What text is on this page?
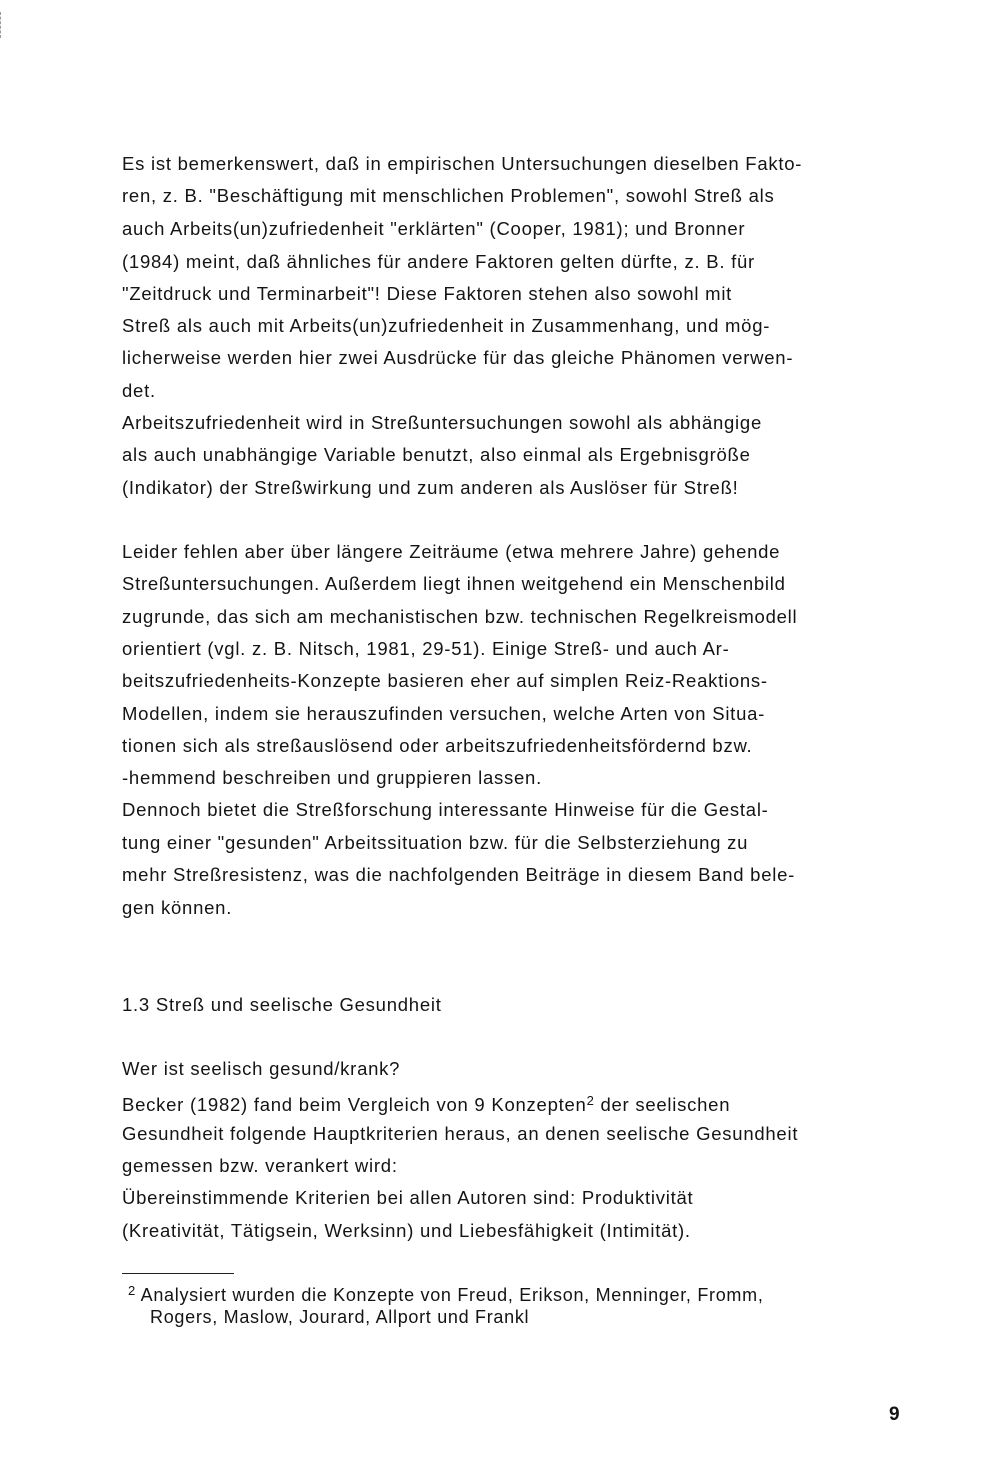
Es ist bemerkenswert, daß in empirischen Untersuchungen dieselben Fakto-
ren, z. B. "Beschäftigung mit menschlichen Problemen", sowohl Streß als
auch Arbeits(un)zufriedenheit "erklärten" (Cooper, 1981); und Bronner
(1984) meint, daß ähnliches für andere Faktoren gelten dürfte, z. B. für
"Zeitdruck und Terminarbeit"! Diese Faktoren stehen also sowohl mit
Streß als auch mit Arbeits(un)zufriedenheit in Zusammenhang, und mög-
licherweise werden hier zwei Ausdrücke für das gleiche Phänomen verwen-
det.
Arbeitszufriedenheit wird in Streßuntersuchungen sowohl als abhängige
als auch unabhängige Variable benutzt, also einmal als Ergebnisgröße
(Indikator) der Streßwirkung und zum anderen als Auslöser für Streß!
Leider fehlen aber über längere Zeiträume (etwa mehrere Jahre) gehende
Streßuntersuchungen. Außerdem liegt ihnen weitgehend ein Menschenbild
zugrunde, das sich am mechanistischen bzw. technischen Regelkreismodell
orientiert (vgl. z. B. Nitsch, 1981, 29-51). Einige Streß- und auch Ar-
beitszufriedenheits-Konzepte basieren eher auf simplen Reiz-Reaktions-
Modellen, indem sie herauszufinden versuchen, welche Arten von Situa-
tionen sich als streßauslösend oder arbeitszufriedenheitsfördernd bzw.
-hemmend beschreiben und gruppieren lassen.
Dennoch bietet die Streßforschung interessante Hinweise für die Gestal-
tung einer "gesunden" Arbeitssituation bzw. für die Selbsterziehung zu
mehr Streßresistenz, was die nachfolgenden Beiträge in diesem Band bele-
gen können.
1.3 Streß und seelische Gesundheit
Wer ist seelisch gesund/krank?
Becker (1982) fand beim Vergleich von 9 Konzepten$^2$ der seelischen
Gesundheit folgende Hauptkriterien heraus, an denen seelische Gesundheit
gemessen bzw. verankert wird:
Übereinstimmende Kriterien bei allen Autoren sind: Produktivität
(Kreativität, Tätigsein, Werksinn) und Liebesfähigkeit (Intimität).
$^2$ Analysiert wurden die Konzepte von Freud, Erikson, Menninger, Fromm,
Rogers, Maslow, Jourard, Allport und Frankl
9
